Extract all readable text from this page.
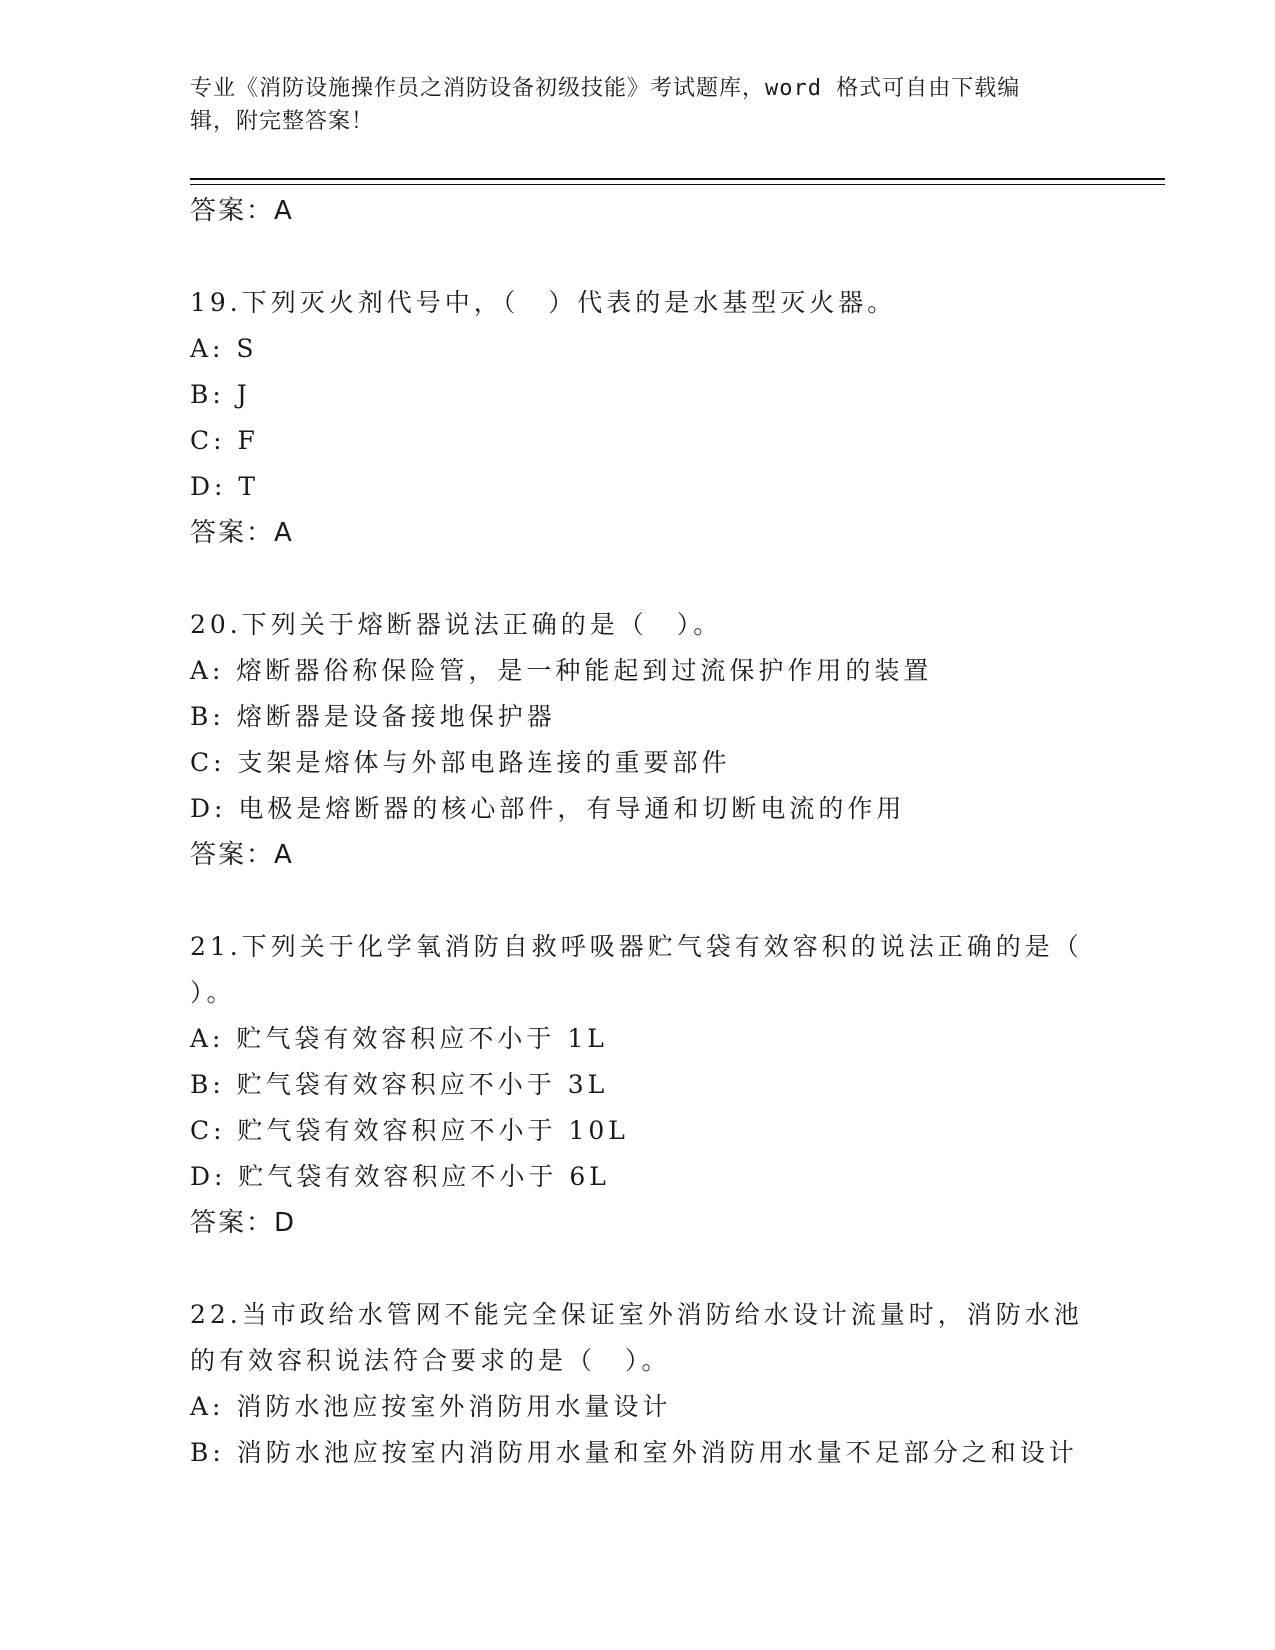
专业《消防设施操作员之消防设备初级技能》考试题库，word 格式可自由下载编
辑，附完整答案！
答案：A
19.下列灭火剂代号中，（　）代表的是水基型灭火器。
A: S
B: J
C: F
D: T
答案：A
20.下列关于熔断器说法正确的是（　）。
A: 熔断器俗称保险管，是一种能起到过流保护作用的装置
B: 熔断器是设备接地保护器
C: 支架是熔体与外部电路连接的重要部件
D: 电极是熔断器的核心部件，有导通和切断电流的作用
答案：A
21.下列关于化学氧消防自救呼吸器贮气袋有效容积的说法正确的是（
）。
A: 贮气袋有效容积应不小于 1L
B: 贮气袋有效容积应不小于 3L
C: 贮气袋有效容积应不小于 10L
D: 贮气袋有效容积应不小于 6L
答案：D
22.当市政给水管网不能完全保证室外消防给水设计流量时，消防水池
的有效容积说法符合要求的是（　）。
A: 消防水池应按室外消防用水量设计
B: 消防水池应按室内消防用水量和室外消防用水量不足部分之和设计
